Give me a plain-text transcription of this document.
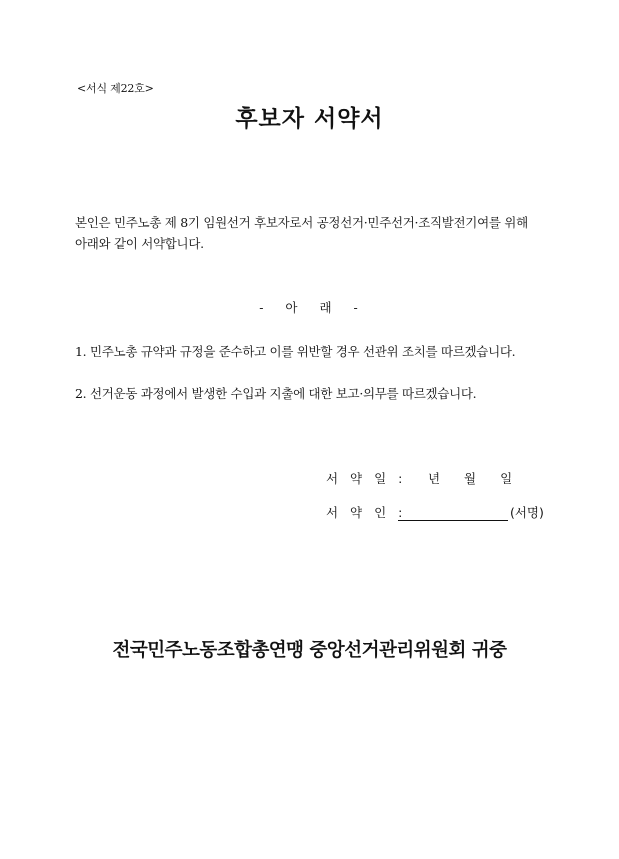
<서식 제22호>
후보자 서약서
본인은 민주노총 제 8기 임원선거 후보자로서 공정선거·민주선거·조직발전기여를 위해
아래와 같이 서약합니다.
- 아 래 -
1. 민주노총 규약과 규정을 준수하고 이를 위반할 경우 선관위 조치를 따르겠습니다.
2. 선거운동 과정에서 발생한 수입과 지출에 대한 보고·의무를 따르겠습니다.
서 약 일 : 년 월 일
서 약 인 :	(서명)
전국민주노동조합총연맹 중앙선거관리위원회 귀중
